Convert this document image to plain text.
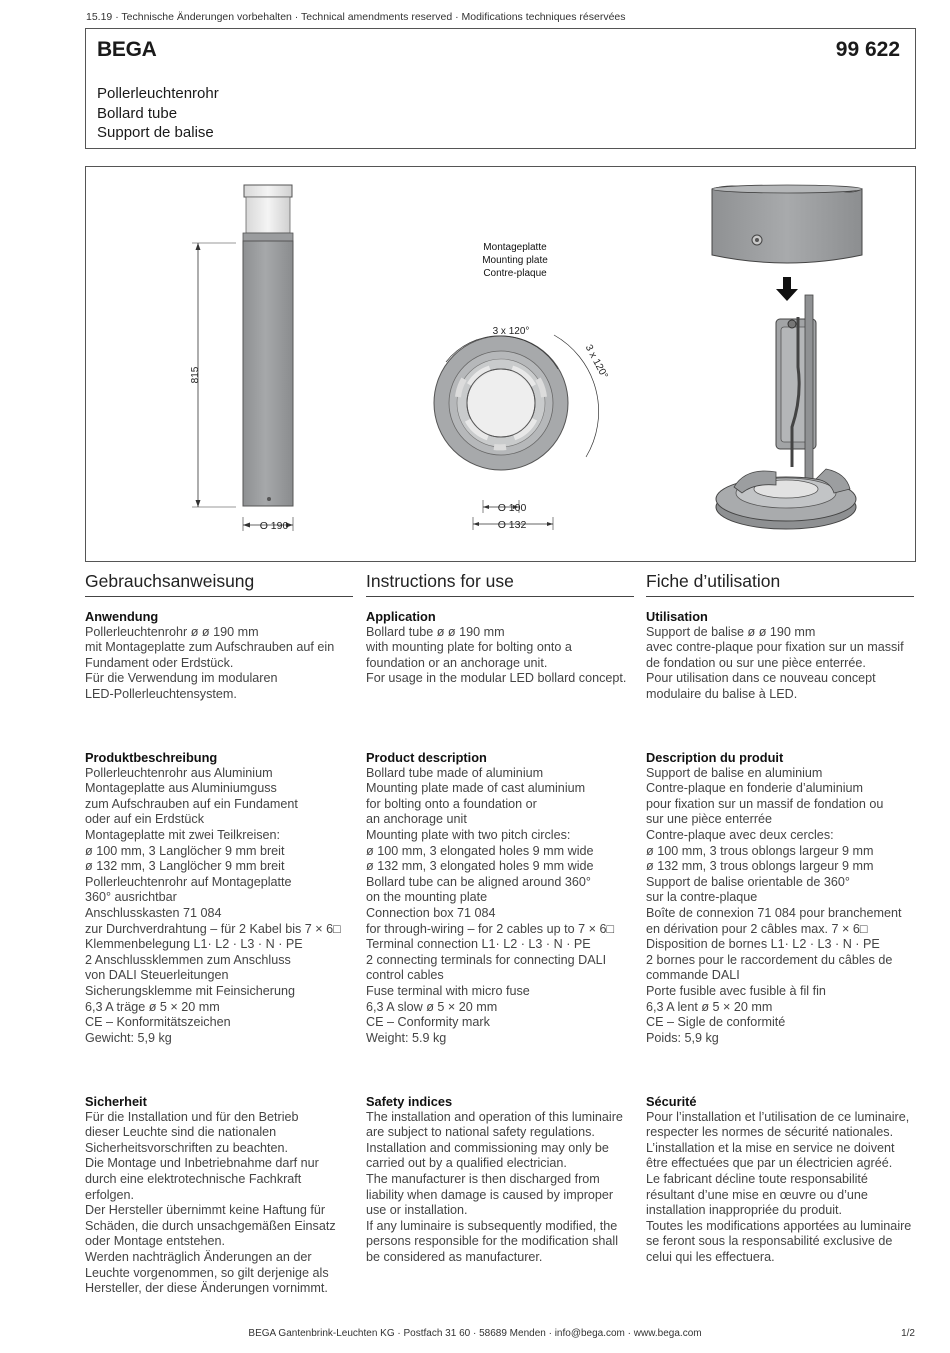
15.19 · Technische Änderungen vorbehalten · Technical amendments reserved · Modifications techniques réservées
BEGA	99 622
Pollerleuchtenrohr
Bollard tube
Support de balise
815
O 190
Montageplatte
Mounting plate
Contre-plaque
3 x 120°
3 x 120°
O 100
O 132
Gebrauchsanweisung	Instructions for use	Fiche d’utilisation
Anwendung
Pollerleuchtenrohr ø ø 190 mm
mit Montageplatte zum Aufschrauben auf ein
Fundament oder Erdstück.
Für die Verwendung im modularen
LED-Pollerleuchtensystem.
Produktbeschreibung
Pollerleuchtenrohr aus Aluminium
Montageplatte aus Aluminiumguss
zum Aufschrauben auf ein Fundament
oder auf ein Erdstück
Montageplatte mit zwei Teilkreisen:
ø 100 mm, 3 Langlöcher 9 mm breit
ø 132 mm, 3 Langlöcher 9 mm breit
Pollerleuchtenrohr auf Montageplatte
360° ausrichtbar
Anschlusskasten 71 084
zur Durchverdrahtung – für 2 Kabel bis 7 × 6□
Klemmenbelegung L1· L2 · L3 · N · PE
2 Anschlussklemmen zum Anschluss
von DALI Steuerleitungen
Sicherungsklemme mit Feinsicherung
6,3 A träge ø 5 × 20 mm
CE – Konformitätszeichen
Gewicht: 5,9 kg
Sicherheit
Für die Installation und für den Betrieb
dieser Leuchte sind die nationalen
Sicherheitsvorschriften zu beachten.
Die Montage und Inbetriebnahme darf nur
durch eine elektrotechnische Fachkraft
erfolgen.
Der Hersteller übernimmt keine Haftung für
Schäden, die durch unsachgemäßen Einsatz
oder Montage entstehen.
Werden nachträglich Änderungen an der
Leuchte vorgenommen, so gilt derjenige als
Hersteller, der diese Änderungen vornimmt.
Application
Bollard tube ø ø 190 mm
with mounting plate for bolting onto a
foundation or an anchorage unit.
For usage in the modular LED bollard concept.
Product description
Bollard tube made of aluminium
Mounting plate made of cast aluminium
for bolting onto a foundation or
an anchorage unit
Mounting plate with two pitch circles:
ø 100 mm, 3 elongated holes 9 mm wide
ø 132 mm, 3 elongated holes 9 mm wide
Bollard tube can be aligned around 360°
on the mounting plate
Connection box 71 084
for through-wiring – for 2 cables up to 7 × 6□
Terminal connection L1· L2 · L3 · N · PE
2 connecting terminals for connecting DALI
control cables
Fuse terminal with micro fuse
6,3 A slow ø 5 × 20 mm
CE – Conformity mark
Weight: 5.9 kg
Safety indices
The installation and operation of this luminaire
are subject to national safety regulations.
Installation and commissioning may only be
carried out by a qualified electrician.
The manufacturer is then discharged from
liability when damage is caused by improper
use or installation.
If any luminaire is subsequently modified, the
persons responsible for the modification shall
be considered as manufacturer.
Utilisation
Support de balise ø ø 190 mm
avec contre-plaque pour fixation sur un massif
de fondation ou sur une pièce enterrée.
Pour utilisation dans ce nouveau concept
modulaire du balise à LED.
Description du produit
Support de balise en aluminium
Contre-plaque en fonderie d’aluminium
pour fixation sur un massif de fondation ou
sur une pièce enterrée
Contre-plaque avec deux cercles:
ø 100 mm, 3 trous oblongs largeur 9 mm
ø 132 mm, 3 trous oblongs largeur 9 mm
Support de balise orientable de 360°
sur la contre-plaque
Boîte de connexion 71 084 pour branchement
en dérivation pour 2 câbles max. 7 × 6□
Disposition de bornes L1· L2 · L3 · N · PE
2 bornes pour le raccordement du câbles de
commande DALI
Porte fusible avec fusible à fil fin
6,3 A lent ø 5 × 20 mm
CE – Sigle de conformité
Poids: 5,9 kg
Sécurité
Pour l’installation et l’utilisation de ce luminaire,
respecter les normes de sécurité nationales.
L’installation et la mise en service ne doivent
être effectuées que par un électricien agréé.
Le fabricant décline toute responsabilité
résultant d’une mise en œuvre ou d’une
installation inappropriée du produit.
Toutes les modifications apportées au luminaire
se feront sous la responsabilité exclusive de
celui qui les effectuera.
BEGA Gantenbrink-Leuchten KG · Postfach 31 60 · 58689 Menden · info@bega.com · www.bega.com	1/2
